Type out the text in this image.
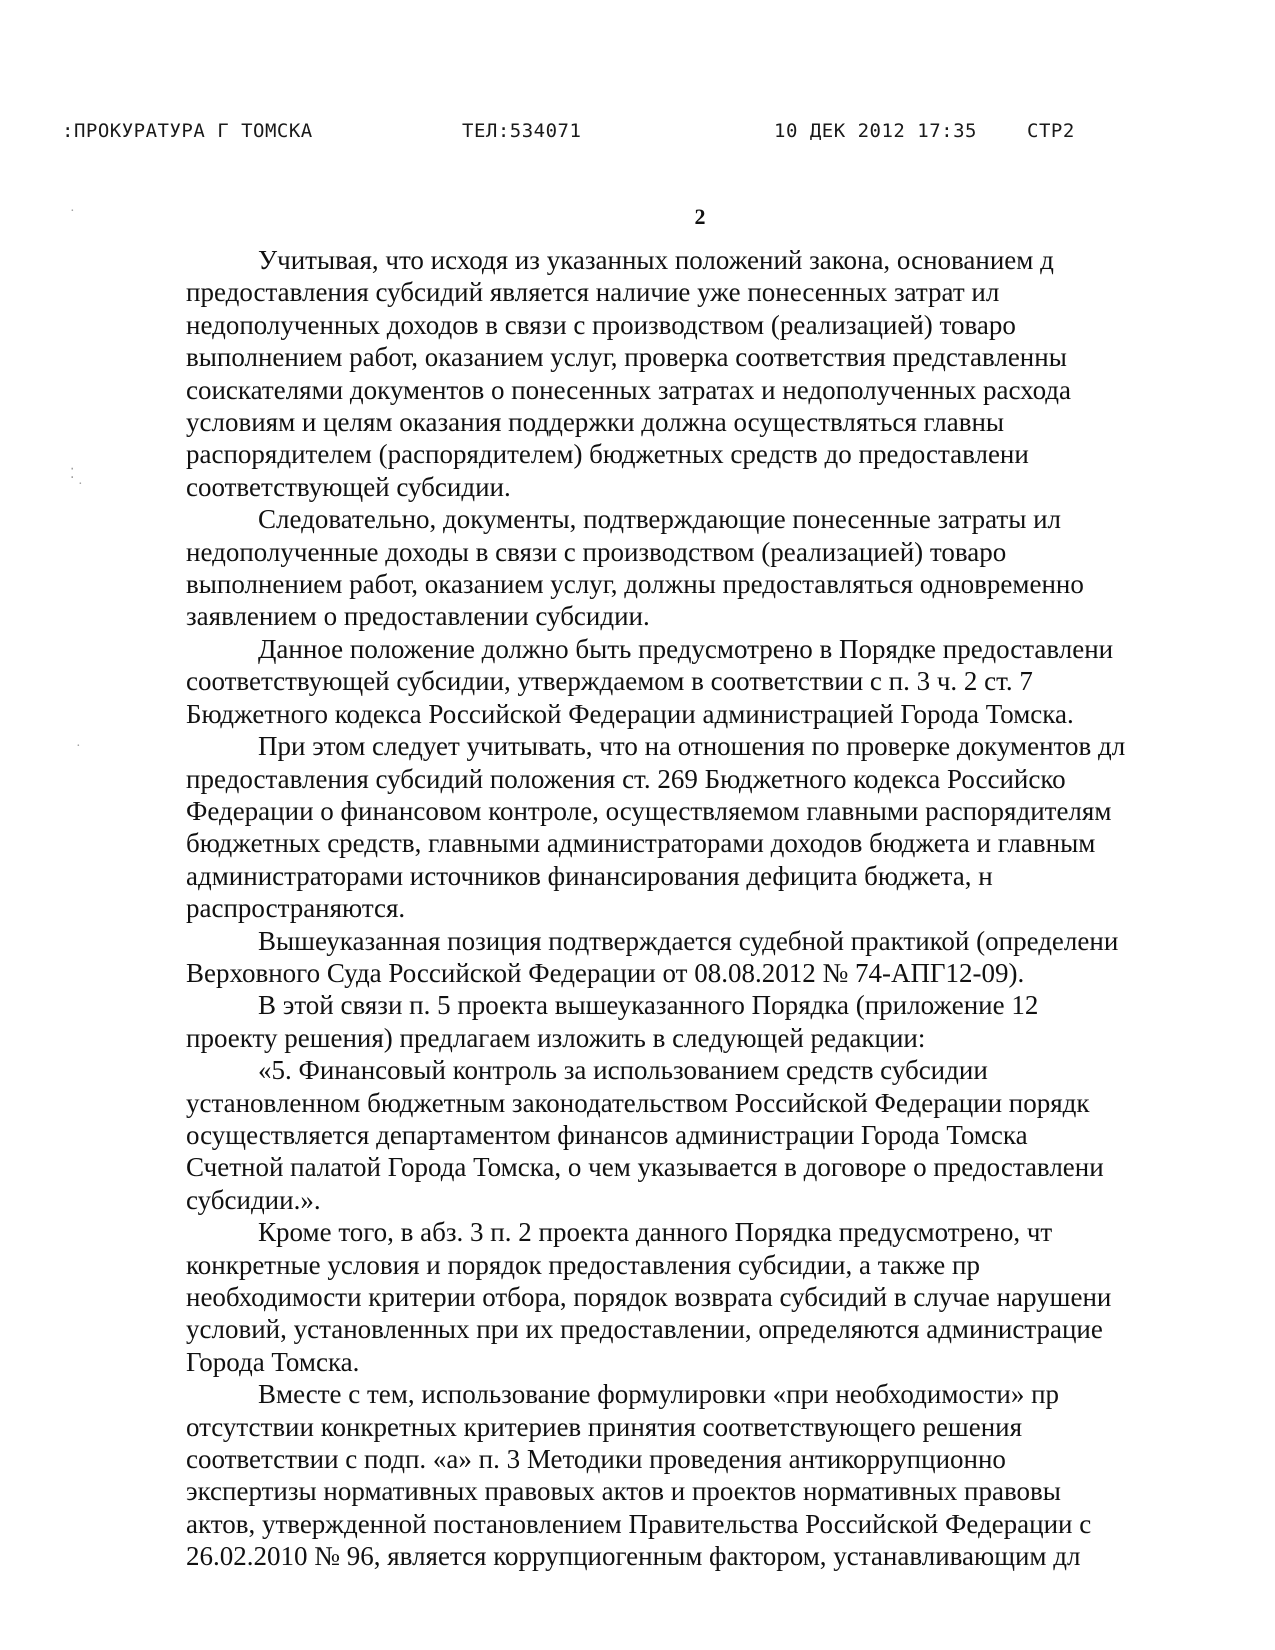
:ПРОКУРАТУРА Г ТОМСКА	ТЕЛ:534071	10 ДЕК 2012 17:35	СТР2
2

Учитывая, что исходя из указанных положений закона, основанием д

предоставления субсидий является наличие уже понесенных затрат ил

недополученных доходов в связи с производством (реализацией) товаро

выполнением работ, оказанием услуг, проверка соответствия представленны

соискателями документов о понесенных затратах и недополученных расхода

условиям и целям оказания поддержки должна осуществляться главны

распорядителем (распорядителем) бюджетных средств до предоставлени

соответствующей субсидии.

Следовательно, документы, подтверждающие понесенные затраты ил

недополученные доходы в связи с производством (реализацией) товаро

выполнением работ, оказанием услуг, должны предоставляться одновременно

заявлением о предоставлении субсидии.

Данное положение должно быть предусмотрено в Порядке предоставлени

соответствующей субсидии, утверждаемом в соответствии с п. 3 ч. 2 ст. 7

Бюджетного кодекса Российской Федерации администрацией Города Томска.

При этом следует учитывать, что на отношения по проверке документов дл

предоставления субсидий положения ст. 269 Бюджетного кодекса Российско

Федерации о финансовом контроле, осуществляемом главными распорядителям

бюджетных средств, главными администраторами доходов бюджета и главным

администраторами источников финансирования дефицита бюджета, н

распространяются.

Вышеуказанная позиция подтверждается судебной практикой (определени

Верховного Суда Российской Федерации от 08.08.2012 № 74-АПГ12-09).

В этой связи п. 5 проекта вышеуказанного Порядка (приложение 12

проекту решения) предлагаем изложить в следующей редакции:

«5. Финансовый контроль за использованием средств субсидии

установленном бюджетным законодательством Российской Федерации порядк

осуществляется департаментом финансов администрации Города Томска

Счетной палатой Города Томска, о чем указывается в договоре о предоставлени

субсидии.».

Кроме того, в абз. 3 п. 2 проекта данного Порядка предусмотрено, чт

конкретные условия и порядок предоставления субсидии, а также пр

необходимости критерии отбора, порядок возврата субсидий в случае нарушени

условий, установленных при их предоставлении, определяются администрацие

Города Томска.

Вместе с тем, использование формулировки «при необходимости» пр

отсутствии конкретных критериев принятия соответствующего решения

соответствии с подп. «а» п. 3 Методики проведения антикоррупционно

экспертизы нормативных правовых актов и проектов нормативных правовы

актов, утвержденной постановлением Правительства Российской Федерации с

26.02.2010 № 96, является коррупциогенным фактором, устанавливающим дл

⁚
·
·
·
